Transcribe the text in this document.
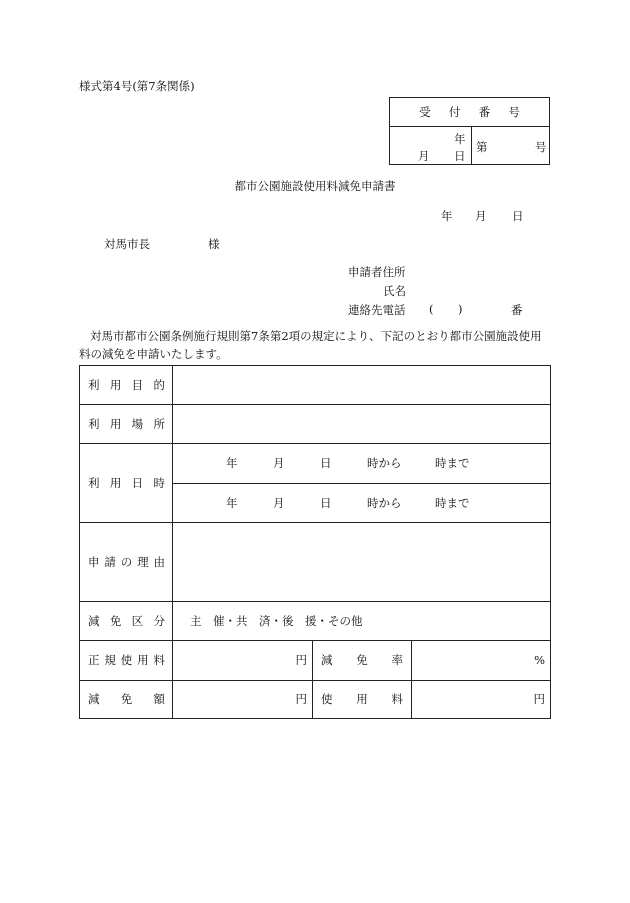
様式第4号(第7条関係)
受 付 番 号
年
月 日
第	号
都市公園施設使用料減免申請書
年 月 日
対馬市長	様
申請者住所
氏名
連絡先電話 ( )	番
対馬市都市公園条例施行規則第7条第2項の規定により、下記のとおり都市公園施設使用
料の減免を申請いたします。
利 用 目 的
利 用 場 所
利 用 日 時
年	月	日	時から	時まで
年	月	日	時から	時まで
申 請 の 理 由
減 免 区 分 主　催・共　済・後　援・その他
正 規 使 用 料	円	減 免 率	%
減 免 額	円	使 用 料	円
